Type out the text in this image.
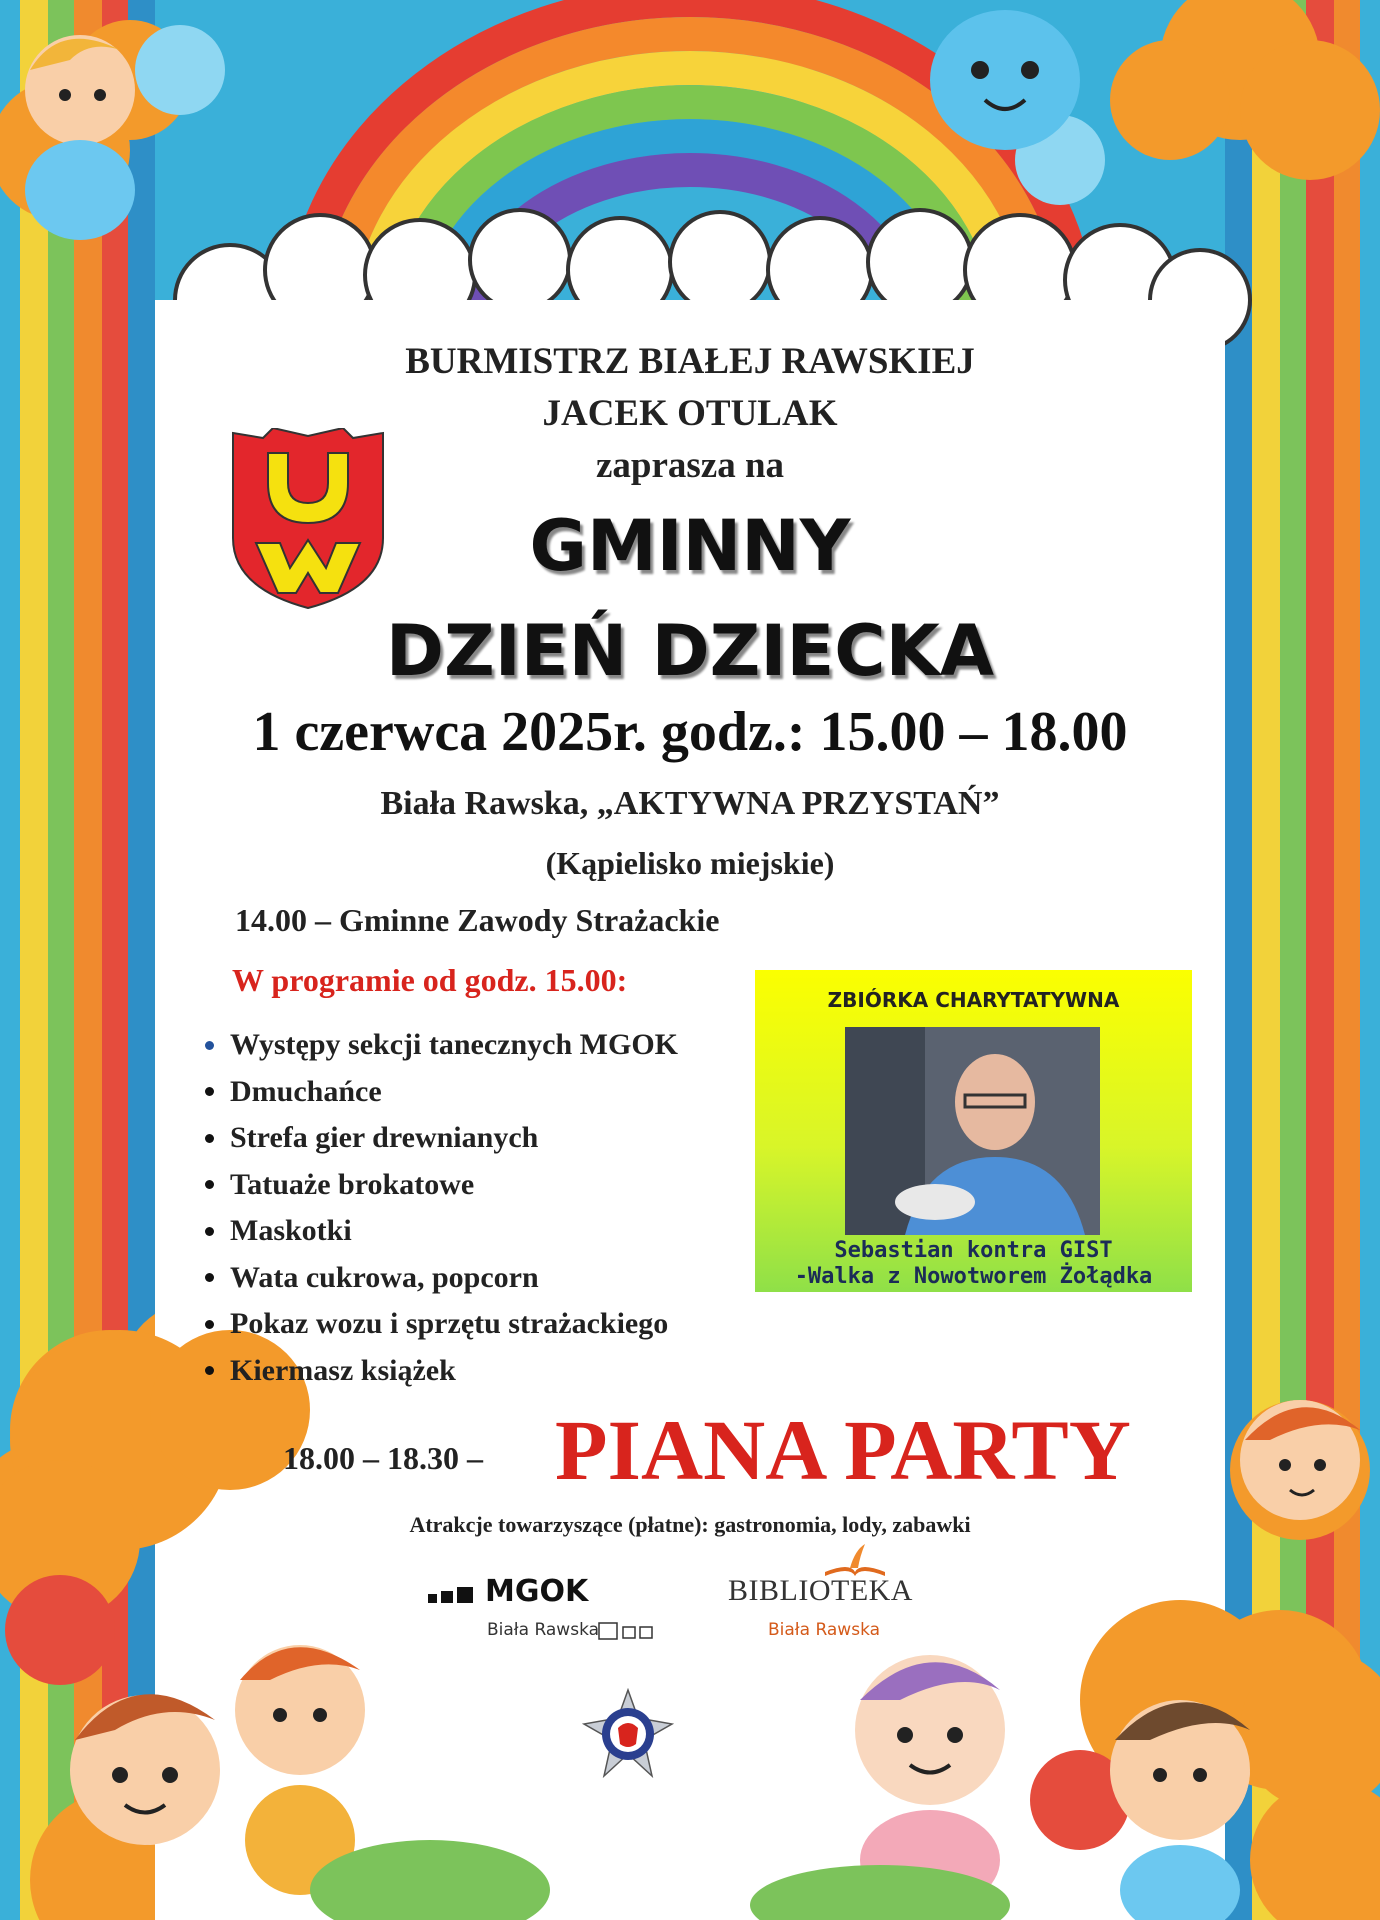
BURMISTRZ BIAŁEJ RAWSKIEJ
JACEK OTULAK
zaprasza na
GMINNY
DZIEŃ DZIECKA
1 czerwca 2025r. godz.: 15.00 – 18.00
Biała Rawska, „AKTYWNA PRZYSTAŃ”
(Kąpielisko miejskie)
14.00 – Gminne Zawody Strażackie
W programie od godz. 15.00:
Występy sekcji tanecznych MGOK
Dmuchańce
Strefa gier drewnianych
Tatuaże brokatowe
Maskotki
Wata cukrowa, popcorn
Pokaz wozu i sprzętu strażackiego
Kiermasz książek
ZBIÓRKA CHARYTATYWNA
Sebastian kontra GIST
-Walka z Nowotworem Żołądka
18.00 – 18.30 – PIANA PARTY
Atrakcje towarzyszące (płatne): gastronomia, lody, zabawki
MGOK
Biała Rawska
BIBLIOTEKA
Biała Rawska
